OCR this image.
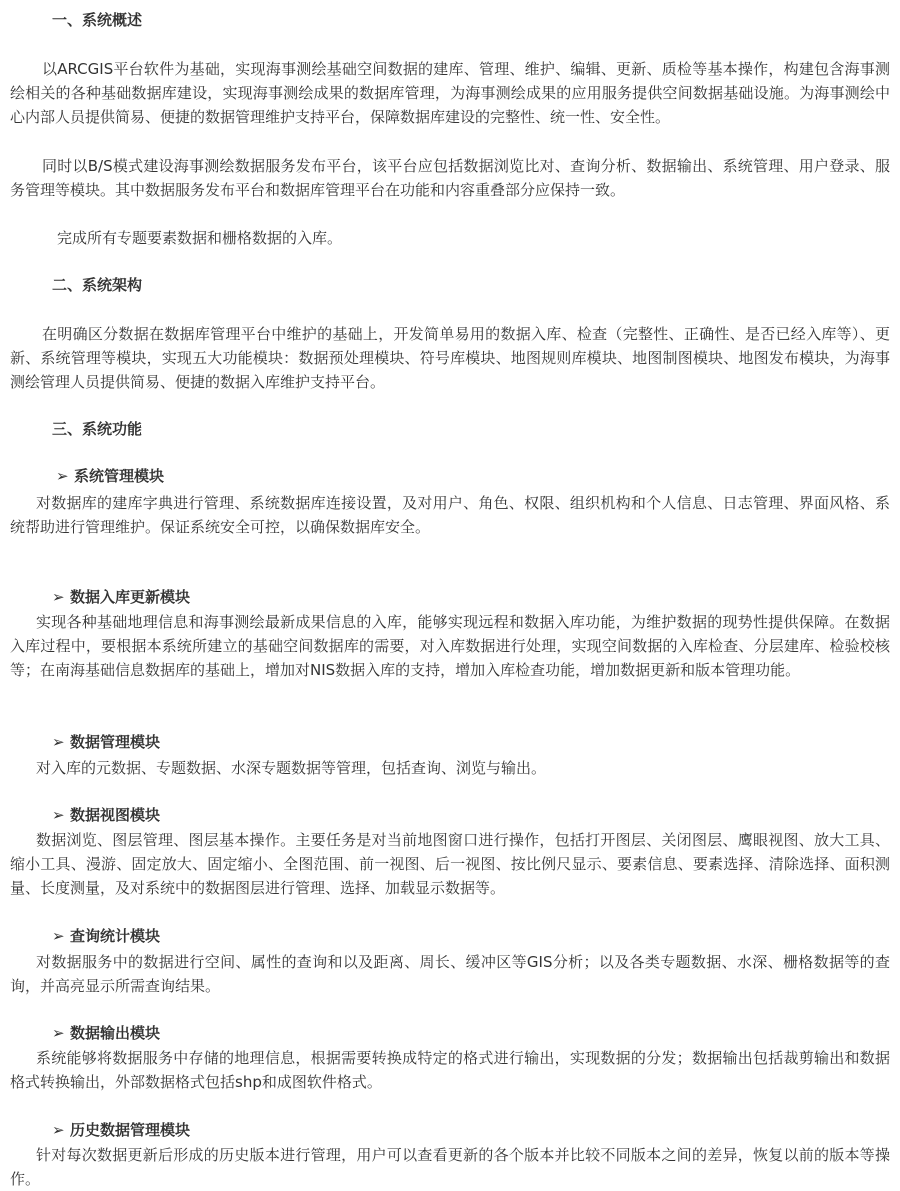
一、系统概述
以ARCGIS平台软件为基础，实现海事测绘基础空间数据的建库、管理、维护、编辑、更新、质检等基本操作，构建包含海事测绘相关的各种基础数据库建设，实现海事测绘成果的数据库管理，为海事测绘成果的应用服务提供空间数据基础设施。为海事测绘中心内部人员提供简易、便捷的数据管理维护支持平台，保障数据库建设的完整性、统一性、安全性。
同时以B/S模式建设海事测绘数据服务发布平台，该平台应包括数据浏览比对、查询分析、数据输出、系统管理、用户登录、服务管理等模块。其中数据服务发布平台和数据库管理平台在功能和内容重叠部分应保持一致。
完成所有专题要素数据和栅格数据的入库。
二、系统架构
在明确区分数据在数据库管理平台中维护的基础上，开发简单易用的数据入库、检查（完整性、正确性、是否已经入库等）、更新、系统管理等模块，实现五大功能模块：数据预处理模块、符号库模块、地图规则库模块、地图制图模块、地图发布模块，为海事测绘管理人员提供简易、便捷的数据入库维护支持平台。
三、系统功能
➢ 系统管理模块
对数据库的建库字典进行管理、系统数据库连接设置，及对用户、角色、权限、组织机构和个人信息、日志管理、界面风格、系统帮助进行管理维护。保证系统安全可控，以确保数据库安全。
➢ 数据入库更新模块
实现各种基础地理信息和海事测绘最新成果信息的入库，能够实现远程和数据入库功能，为维护数据的现势性提供保障。在数据入库过程中，要根据本系统所建立的基础空间数据库的需要，对入库数据进行处理，实现空间数据的入库检查、分层建库、检验校核等；在南海基础信息数据库的基础上，增加对NIS数据入库的支持，增加入库检查功能，增加数据更新和版本管理功能。
➢ 数据管理模块
对入库的元数据、专题数据、水深专题数据等管理，包括查询、浏览与输出。
➢ 数据视图模块
数据浏览、图层管理、图层基本操作。主要任务是对当前地图窗口进行操作，包括打开图层、关闭图层、鹰眼视图、放大工具、缩小工具、漫游、固定放大、固定缩小、全图范围、前一视图、后一视图、按比例尺显示、要素信息、要素选择、清除选择、面积测量、长度测量，及对系统中的数据图层进行管理、选择、加载显示数据等。
➢ 查询统计模块
对数据服务中的数据进行空间、属性的查询和以及距离、周长、缓冲区等GIS分析；以及各类专题数据、水深、栅格数据等的查询，并高亮显示所需查询结果。
➢ 数据输出模块
系统能够将数据服务中存储的地理信息，根据需要转换成特定的格式进行输出，实现数据的分发；数据输出包括裁剪输出和数据格式转换输出，外部数据格式包括shp和成图软件格式。
➢ 历史数据管理模块
针对每次数据更新后形成的历史版本进行管理，用户可以查看更新的各个版本并比较不同版本之间的差异，恢复以前的版本等操作。
